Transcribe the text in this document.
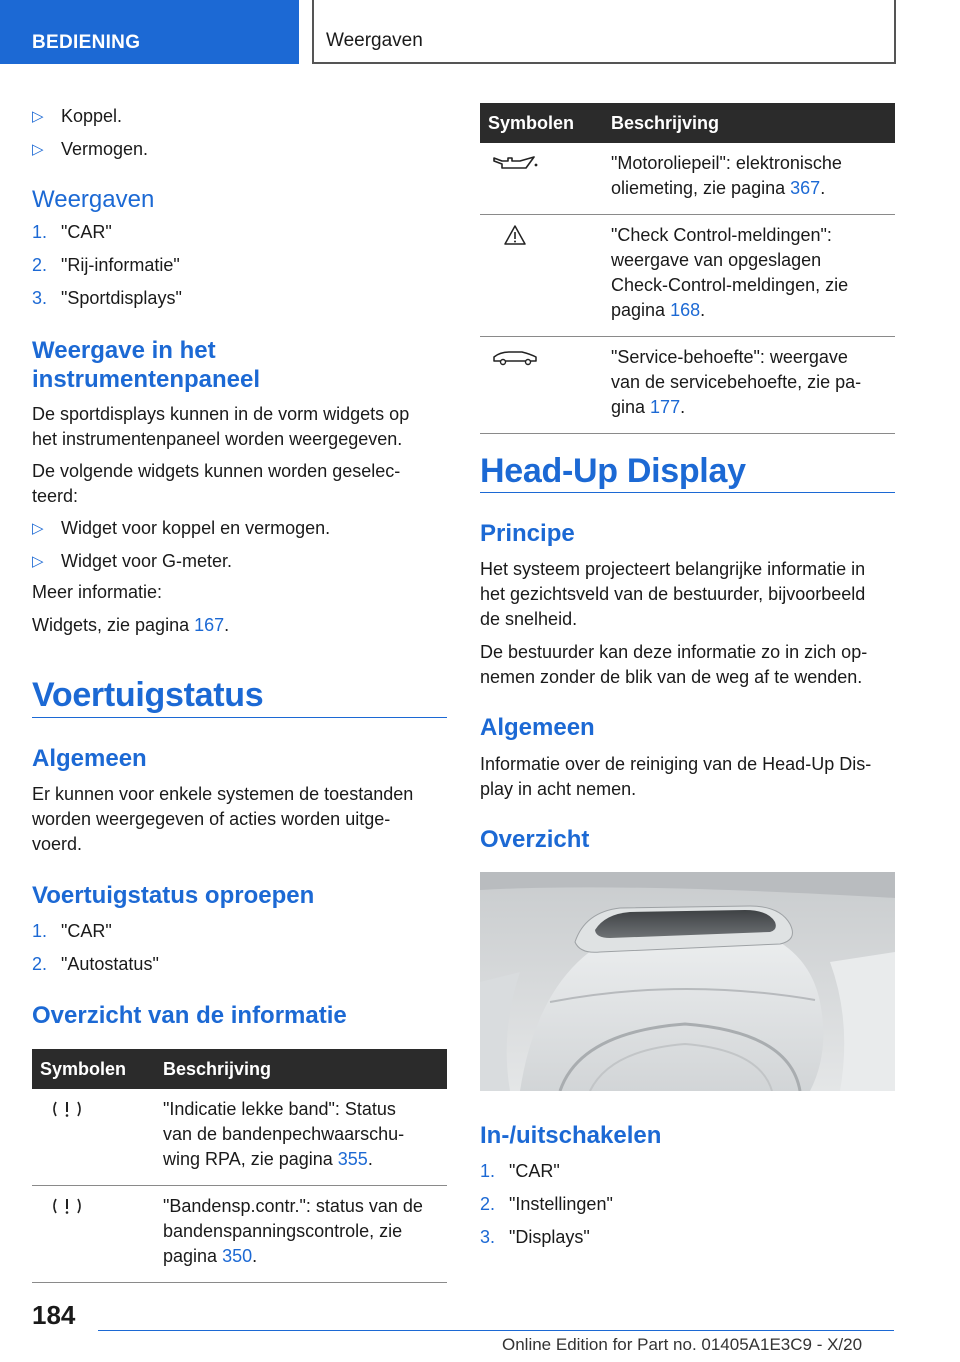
BEDIENING	Weergaven
▷ Koppel.
▷ Vermogen.
Weergaven
1. "CAR"
2. "Rij-informatie"
3. "Sportdisplays"
Weergave in het
instrumentenpaneel
De sportdisplays kunnen in de vorm widgets op
het instrumentenpaneel worden weergegeven.
De volgende widgets kunnen worden geselec-
teerd:
▷ Widget voor koppel en vermogen.
▷ Widget voor G-meter.
Meer informatie:
Widgets, zie pagina 167.
Voertuigstatus
Algemeen
Er kunnen voor enkele systemen de toestanden
worden weergegeven of acties worden uitge-
voerd.
Voertuigstatus oproepen
1. "CAR"
2. "Autostatus"
Overzicht van de informatie
Symbolen	Beschrijving

"Indicatie lekke band": Status
van de bandenpechwaarschu-
wing RPA, zie pagina 355.

"Bandensp.contr.": status van de
bandenspanningscontrole, zie
pagina 350.
Symbolen	Beschrijving

"Motoroliepeil": elektronische
oliemeting, zie pagina 367.

"Check Control-meldingen":
weergave van opgeslagen
Check-Control-meldingen, zie
pagina 168.

"Service-behoefte": weergave
van de servicebehoefte, zie pa-
gina 177.
Head-Up Display
Principe
Het systeem projecteert belangrijke informatie in
het gezichtsveld van de bestuurder, bijvoorbeeld
de snelheid.
De bestuurder kan deze informatie zo in zich op-
nemen zonder de blik van de weg af te wenden.
Algemeen
Informatie over de reiniging van de Head-Up Dis-
play in acht nemen.
Overzicht
In-/uitschakelen
1. "CAR"
2. "Instellingen"
3. "Displays"
184
Online Edition for Part no. 01405A1E3C9 - X/20
